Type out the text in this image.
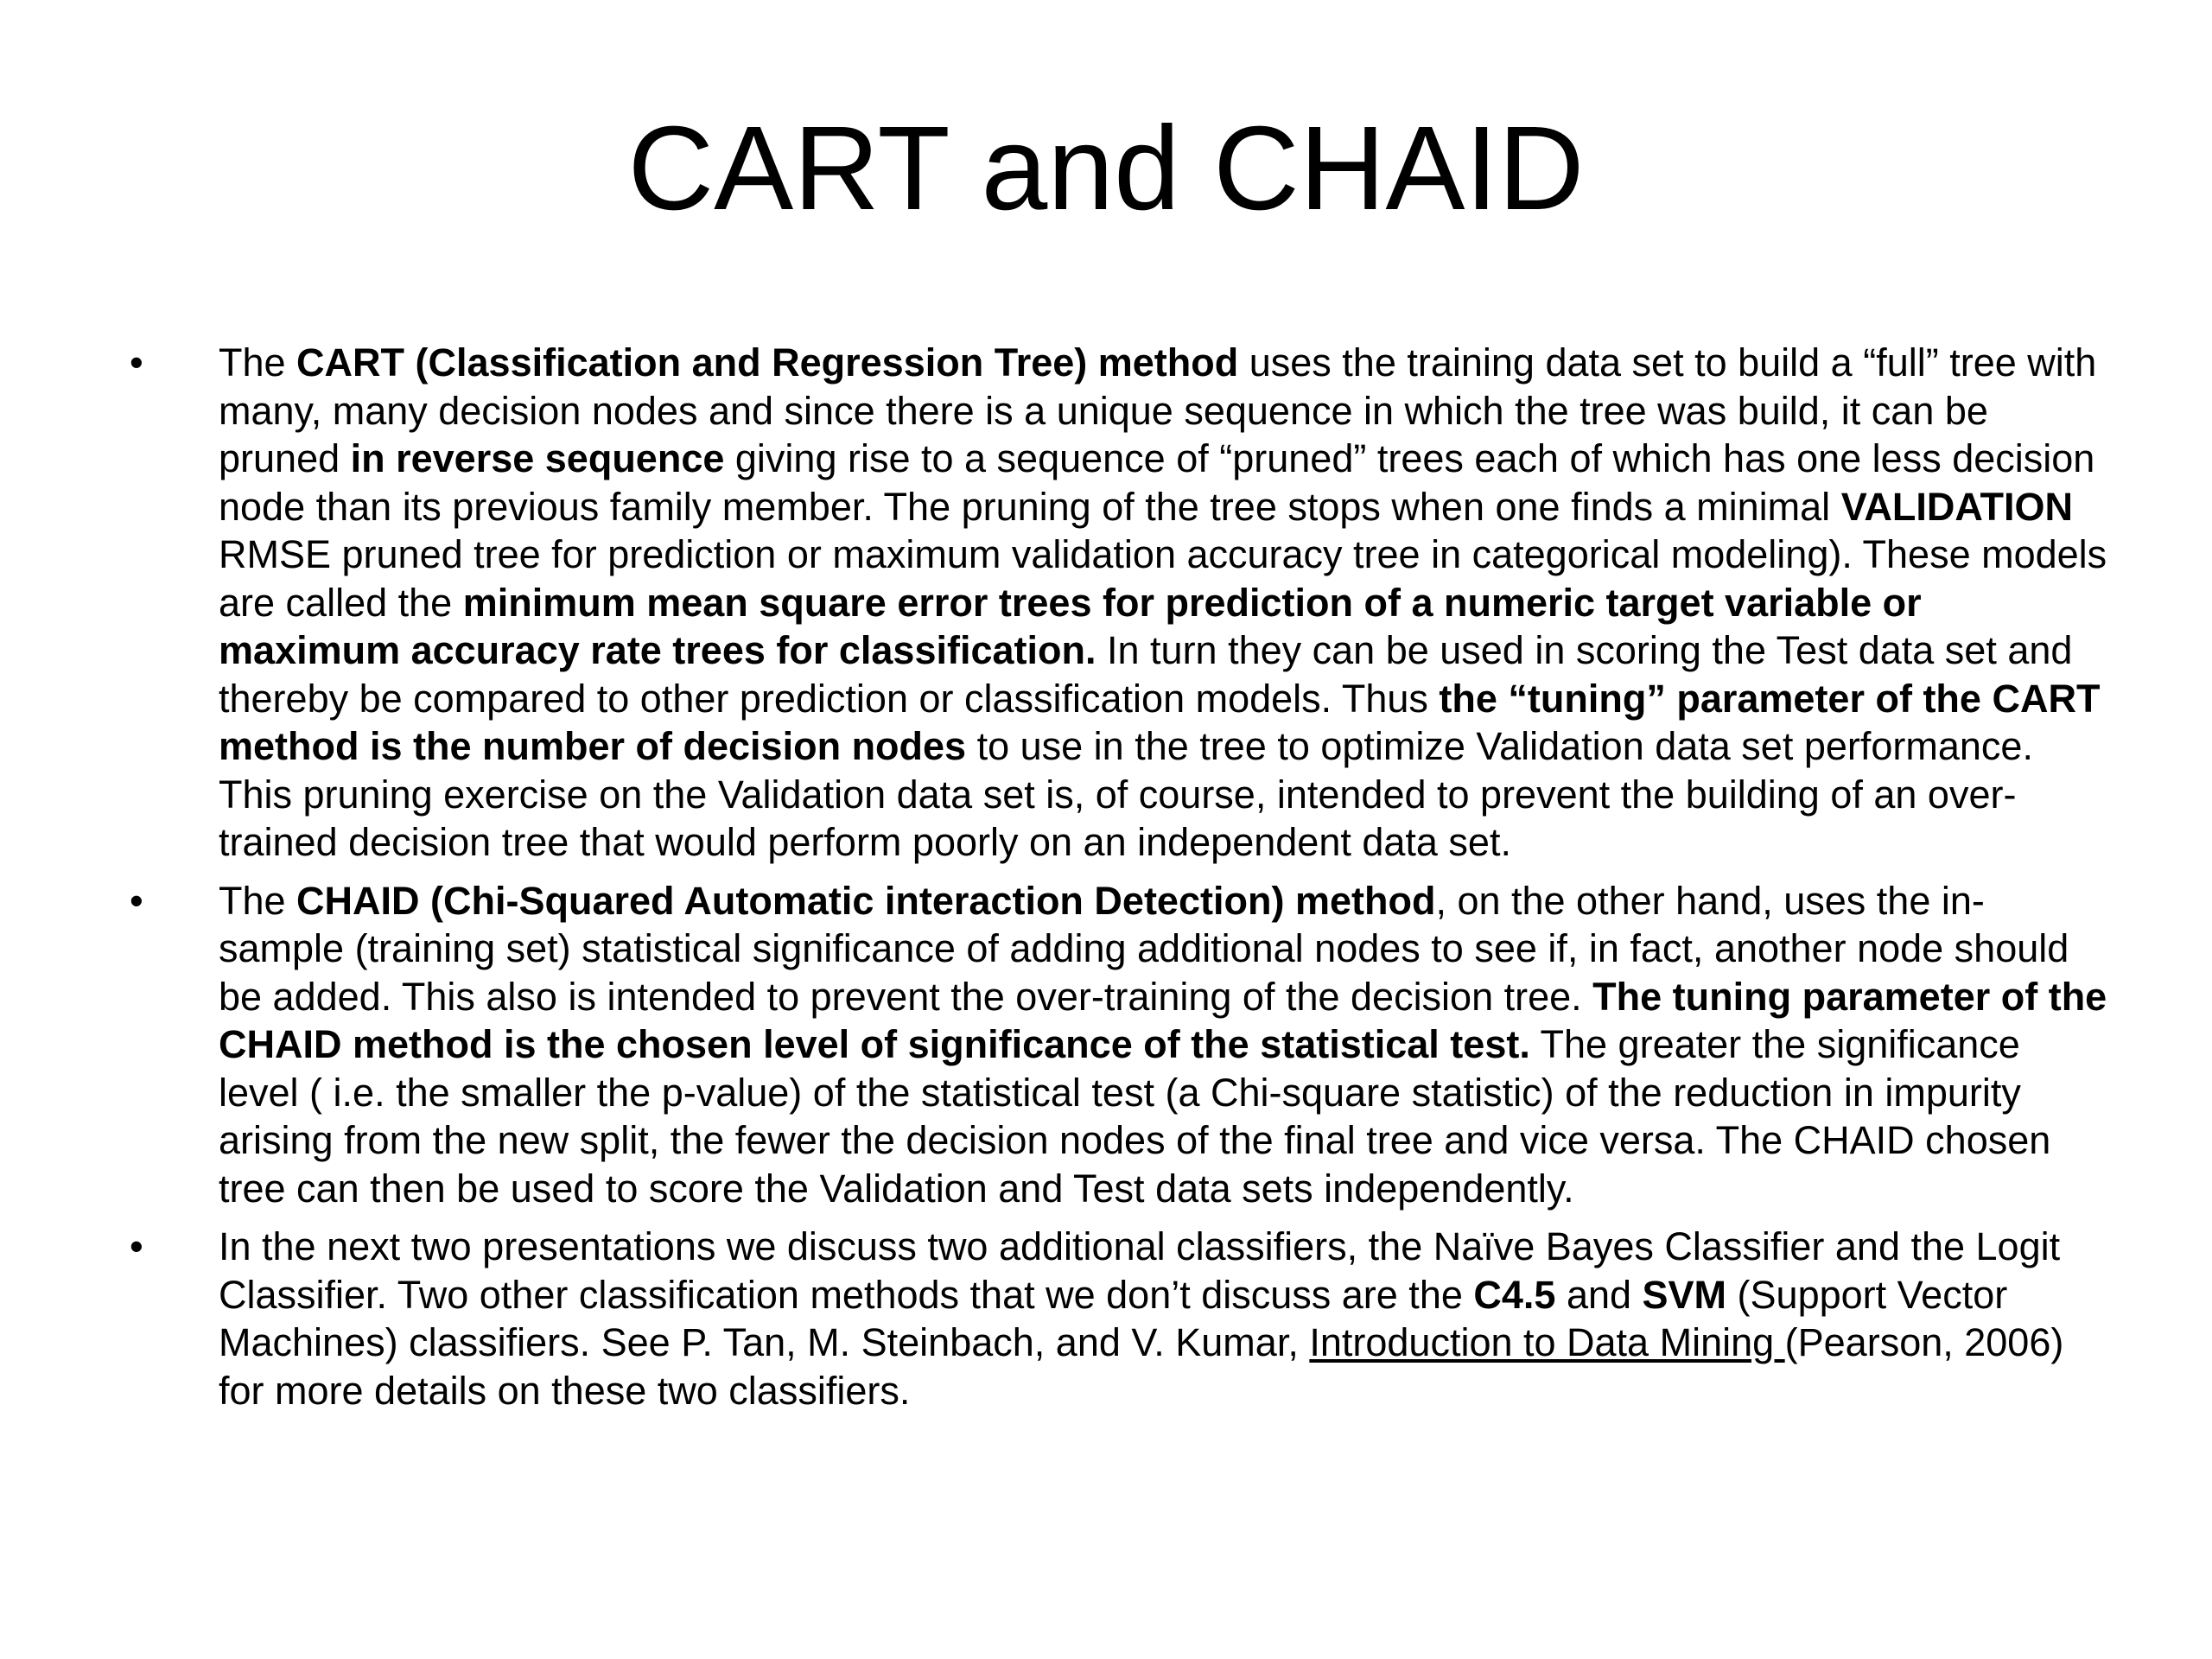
CART and CHAID
• The CART (Classification and Regression Tree) method uses the training data set to build a “full” tree with many, many decision nodes and since there is a unique sequence in which the tree was build, it can be pruned in reverse sequence giving rise to a sequence of “pruned” trees each of which has one less decision node than its previous family member. The pruning of the tree stops when one finds a minimal VALIDATION RMSE pruned tree for prediction or maximum validation accuracy tree in categorical modeling). These models are called the minimum mean square error trees for prediction of a numeric target variable or maximum accuracy rate trees for classification. In turn they can be used in scoring the Test data set and thereby be compared to other prediction or classification models. Thus the “tuning” parameter of the CART method is the number of decision nodes to use in the tree to optimize Validation data set performance. This pruning exercise on the Validation data set is, of course, intended to prevent the building of an over-trained decision tree that would perform poorly on an independent data set.
• The CHAID (Chi-Squared Automatic interaction Detection) method, on the other hand, uses the in-sample (training set) statistical significance of adding additional nodes to see if, in fact, another node should be added. This also is intended to prevent the over-training of the decision tree. The tuning parameter of the CHAID method is the chosen level of significance of the statistical test. The greater the significance level ( i.e. the smaller the p-value) of the statistical test (a Chi-square statistic) of the reduction in impurity arising from the new split, the fewer the decision nodes of the final tree and vice versa. The CHAID chosen tree can then be used to score the Validation and Test data sets independently.
• In the next two presentations we discuss two additional classifiers, the Naïve Bayes Classifier and the Logit Classifier. Two other classification methods that we don’t discuss are the C4.5 and SVM (Support Vector Machines) classifiers. See P. Tan, M. Steinbach, and V. Kumar, Introduction to Data Mining (Pearson, 2006) for more details on these two classifiers.
